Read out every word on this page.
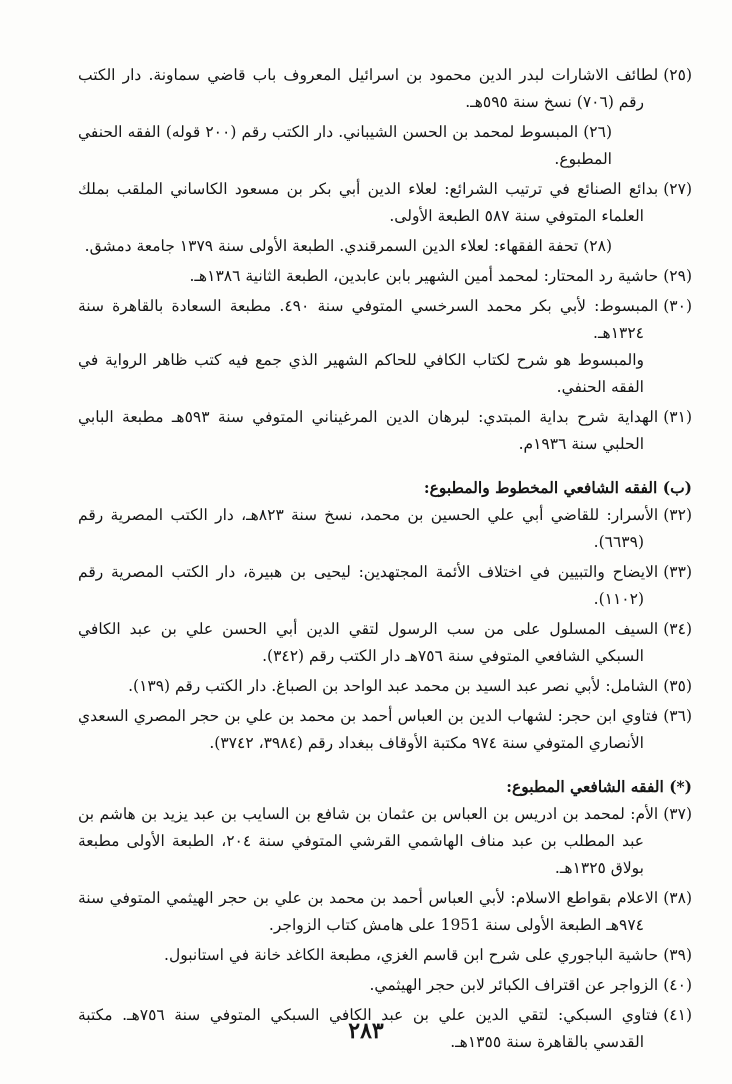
(٢٥)لطائف الاشارات لبدر الدين محمود بن اسرائيل المعروف باب قاضي سماونة. دار الكتب رقم (٧٠٦) نسخ سنة ٥٩٥هـ.

(٢٦)المبسوط لمحمد بن الحسن الشيباني. دار الكتب رقم (٢٠٠ قوله) الفقه الحنفي المطبوع.

(٢٧)بدائع الصنائع في ترتيب الشرائع: لعلاء الدين أبي بكر بن مسعود الكاساني الملقب بملك العلماء المتوفي سنة ٥٨٧ الطبعة الأولى.

(٢٨)تحفة الفقهاء: لعلاء الدين السمرقندي. الطبعة الأولى سنة ١٣٧٩ جامعة دمشق.

(٢٩)حاشية رد المحتار: لمحمد أمين الشهير بابن عابدين، الطبعة الثانية ١٣٨٦هـ.

(٣٠)المبسوط: لأبي بكر محمد السرخسي المتوفي سنة ٤٩٠. مطبعة السعادة بالقاهرة سنة ١٣٢٤هـ.

والمبسوط هو شرح لكتاب الكافي للحاكم الشهير الذي جمع فيه كتب ظاهر الرواية في الفقه الحنفي.

(٣١)الهداية شرح بداية المبتدي: لبرهان الدين المرغيناني المتوفي سنة ٥٩٣هـ مطبعة البابي الحلبي سنة ١٩٣٦م.

(ب) الفقه الشافعي المخطوط والمطبوع:

(٣٢)الأسرار: للقاضي أبي علي الحسين بن محمد، نسخ سنة ٨٢٣هـ، دار الكتب المصرية رقم (٦٦٣٩).

(٣٣)الايضاح والتبيين في اختلاف الأئمة المجتهدين: ليحيى بن هبيرة، دار الكتب المصرية رقم (١١٠٢).

(٣٤)السيف المسلول على من سب الرسول لتقي الدين أبي الحسن علي بن عبد الكافي السبكي الشافعي المتوفي سنة ٧٥٦هـ دار الكتب رقم (٣٤٢).

(٣٥)الشامل: لأبي نصر عبد السيد بن محمد عبد الواحد بن الصباغ. دار الكتب رقم (١٣٩).

(٣٦)فتاوي ابن حجر: لشهاب الدين بن العباس أحمد بن محمد بن علي بن حجر المصري السعدي الأنصاري المتوفي سنة ٩٧٤ مكتبة الأوقاف ببغداد رقم (٣٩٨٤، ٣٧٤٢).

(*) الفقه الشافعي المطبوع:

(٣٧)الأم: لمحمد بن ادريس بن العباس بن عثمان بن شافع بن السايب بن عبد يزيد بن هاشم بن عبد المطلب بن عبد مناف الهاشمي القرشي المتوفي سنة ٢٠٤، الطبعة الأولى مطبعة بولاق ١٣٢٥هـ.

(٣٨)الاعلام بقواطع الاسلام: لأبي العباس أحمد بن محمد بن علي بن حجر الهيثمي المتوفي سنة ٩٧٤هـ الطبعة الأولى سنة 1951 على هامش كتاب الزواجر.

(٣٩)حاشية الباجوري على شرح ابن قاسم الغزي، مطبعة الكاغد خانة في استانبول.

(٤٠)الزواجر عن اقتراف الكبائر لابن حجر الهيثمي.

(٤١)فتاوي السبكي: لتقي الدين علي بن عبد الكافي السبكي المتوفي سنة ٧٥٦هـ. مكتبة القدسي بالقاهرة سنة ١٣٥٥هـ.

٢٨٣
